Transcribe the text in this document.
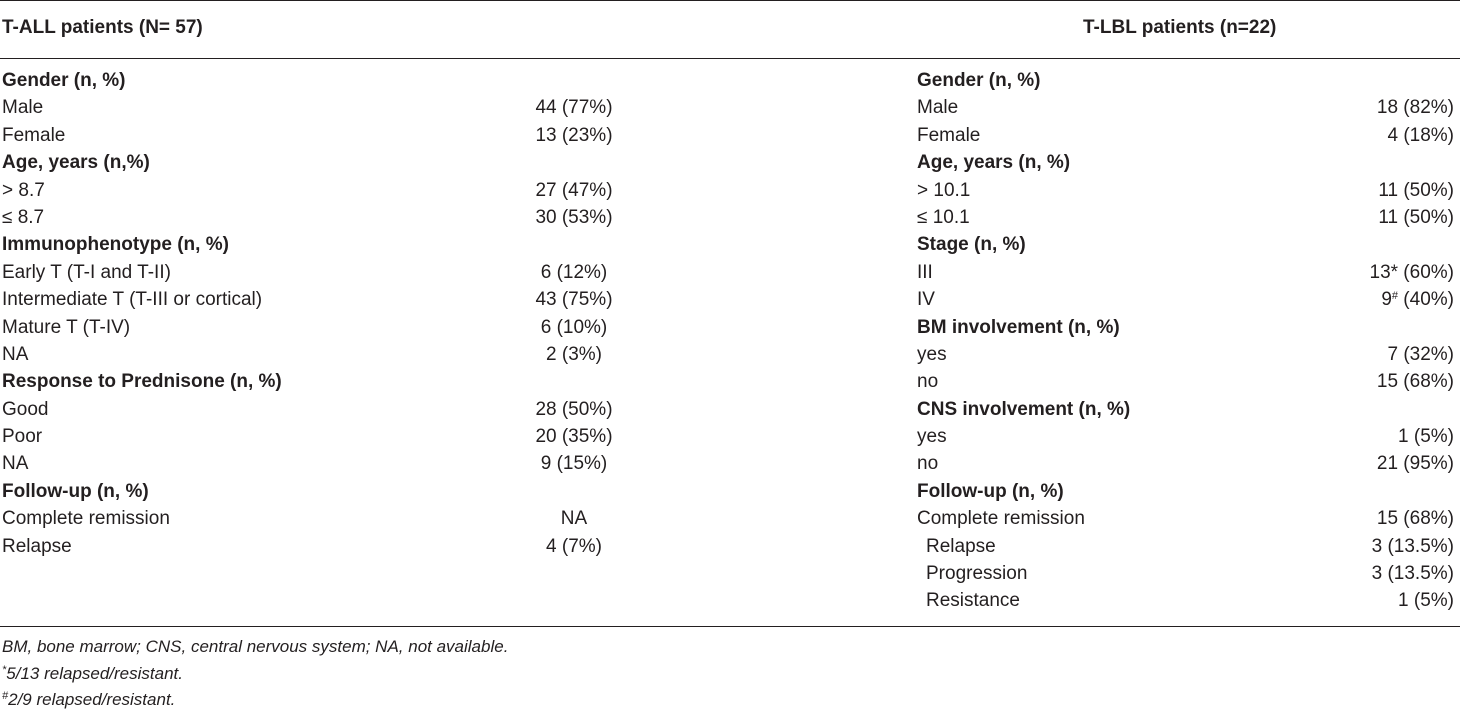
T-ALL patients (N= 57)	T-LBL patients (n=22)
Gender (n, %)
Male	44 (77%)
Female	13 (23%)
Age, years (n,%)
> 8.7	27 (47%)
≤ 8.7	30 (53%)
Immunophenotype (n, %)
Early T (T-I and T-II)	6 (12%)
Intermediate T (T-III or cortical)	43 (75%)
Mature T (T-IV)	6 (10%)
NA	2 (3%)
Response to Prednisone (n, %)
Good	28 (50%)
Poor	20 (35%)
NA	9 (15%)
Follow-up (n, %)
Complete remission	NA
Relapse	4 (7%)
Gender (n, %)
Male	18 (82%)
Female	4 (18%)
Age, years (n, %)
> 10.1	11 (50%)
≤ 10.1	11 (50%)
Stage (n, %)
III	13* (60%)
IV	9# (40%)
BM involvement (n, %)
yes	7 (32%)
no	15 (68%)
CNS involvement (n, %)
yes	1 (5%)
no	21 (95%)
Follow-up (n, %)
Complete remission	15 (68%)
Relapse	3 (13.5%)
Progression	3 (13.5%)
Resistance	1 (5%)
BM, bone marrow; CNS, central nervous system; NA, not available.
*5/13 relapsed/resistant.
#2/9 relapsed/resistant.
